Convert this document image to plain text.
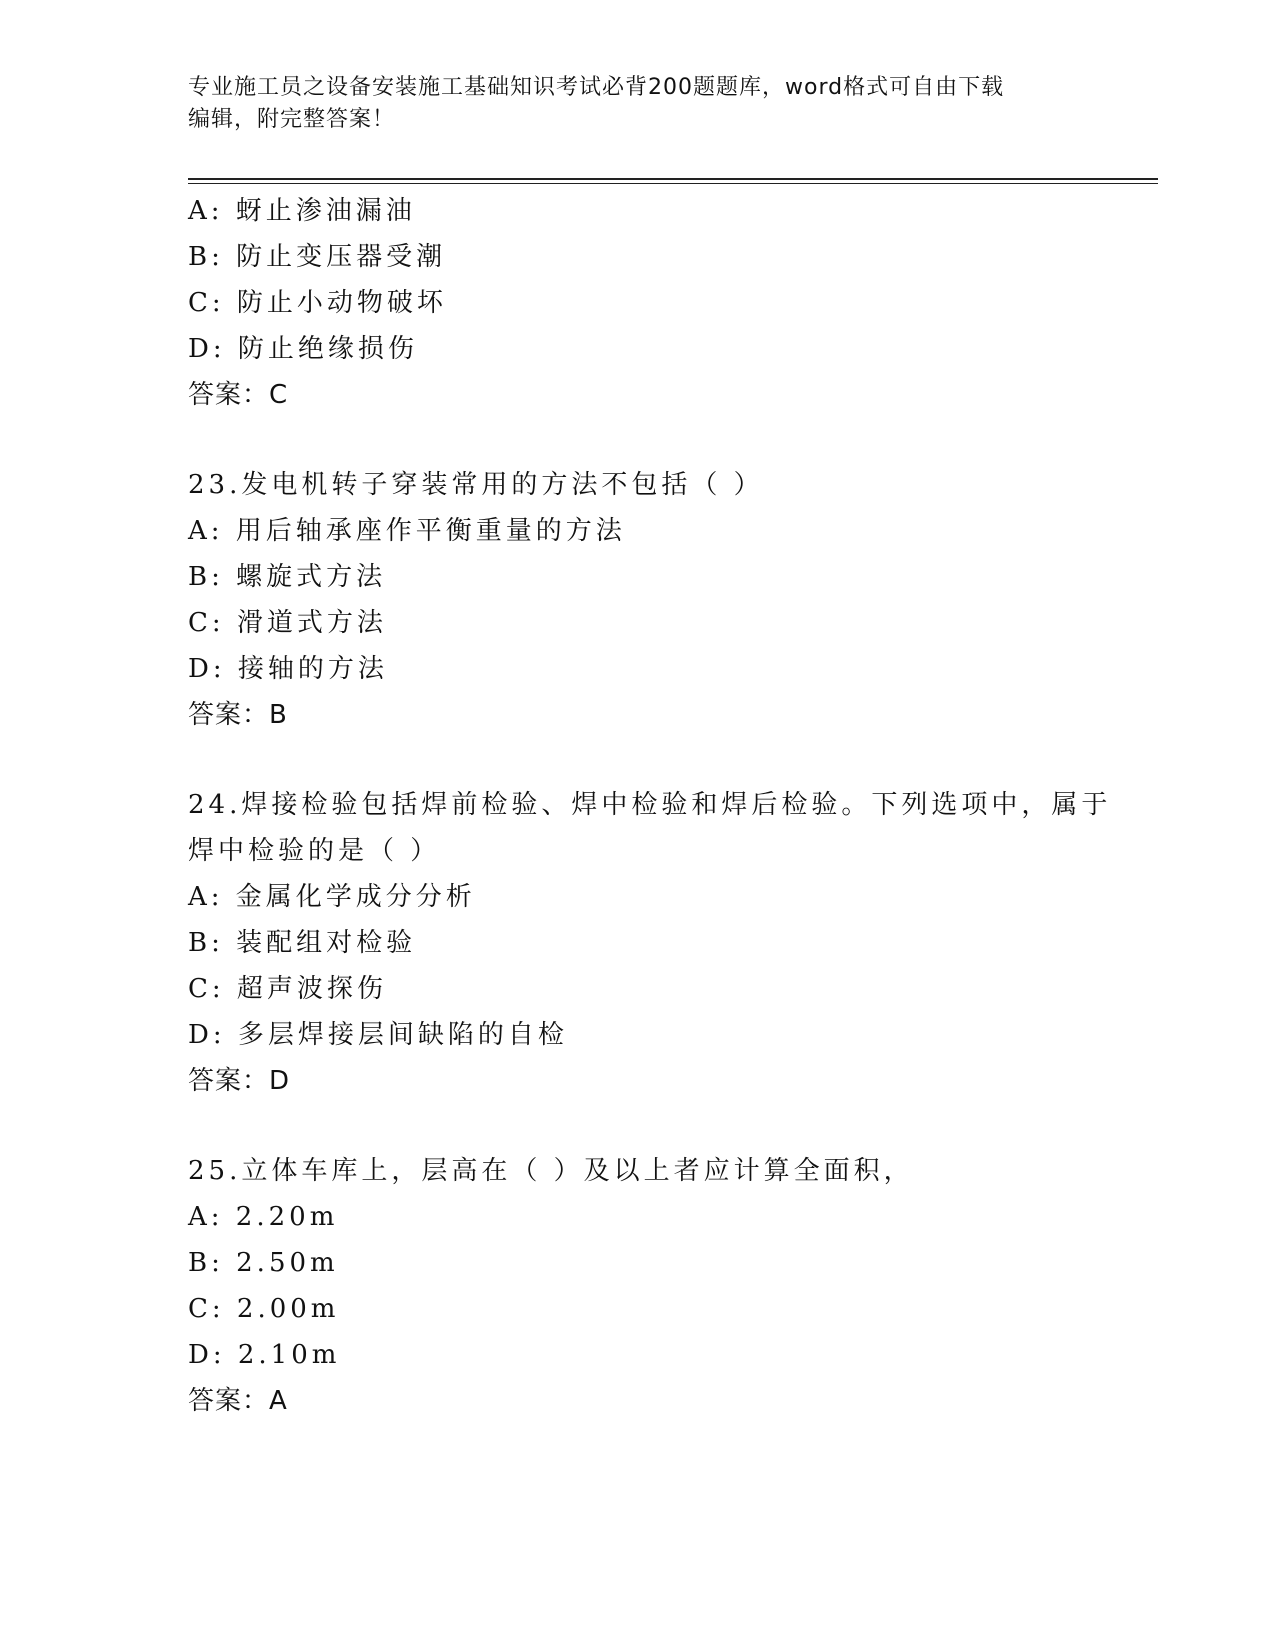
专业施工员之设备安装施工基础知识考试必背200题题库，word格式可自由下载
编辑，附完整答案！
A: 蚜止渗油漏油
B: 防止变压器受潮
C: 防止小动物破坏
D: 防止绝缘损伤
答案：C
23.发电机转子穿装常用的方法不包括（ ）
A: 用后轴承座作平衡重量的方法
B: 螺旋式方法
C: 滑道式方法
D: 接轴的方法
答案：B
24.焊接检验包括焊前检验、焊中检验和焊后检验。下列选项中，属于
焊中检验的是（ ）
A: 金属化学成分分析
B: 装配组对检验
C: 超声波探伤
D: 多层焊接层间缺陷的自检
答案：D
25.立体车库上，层高在（ ）及以上者应计算全面积，
A: 2.20m
B: 2.50m
C: 2.00m
D: 2.10m
答案：A
